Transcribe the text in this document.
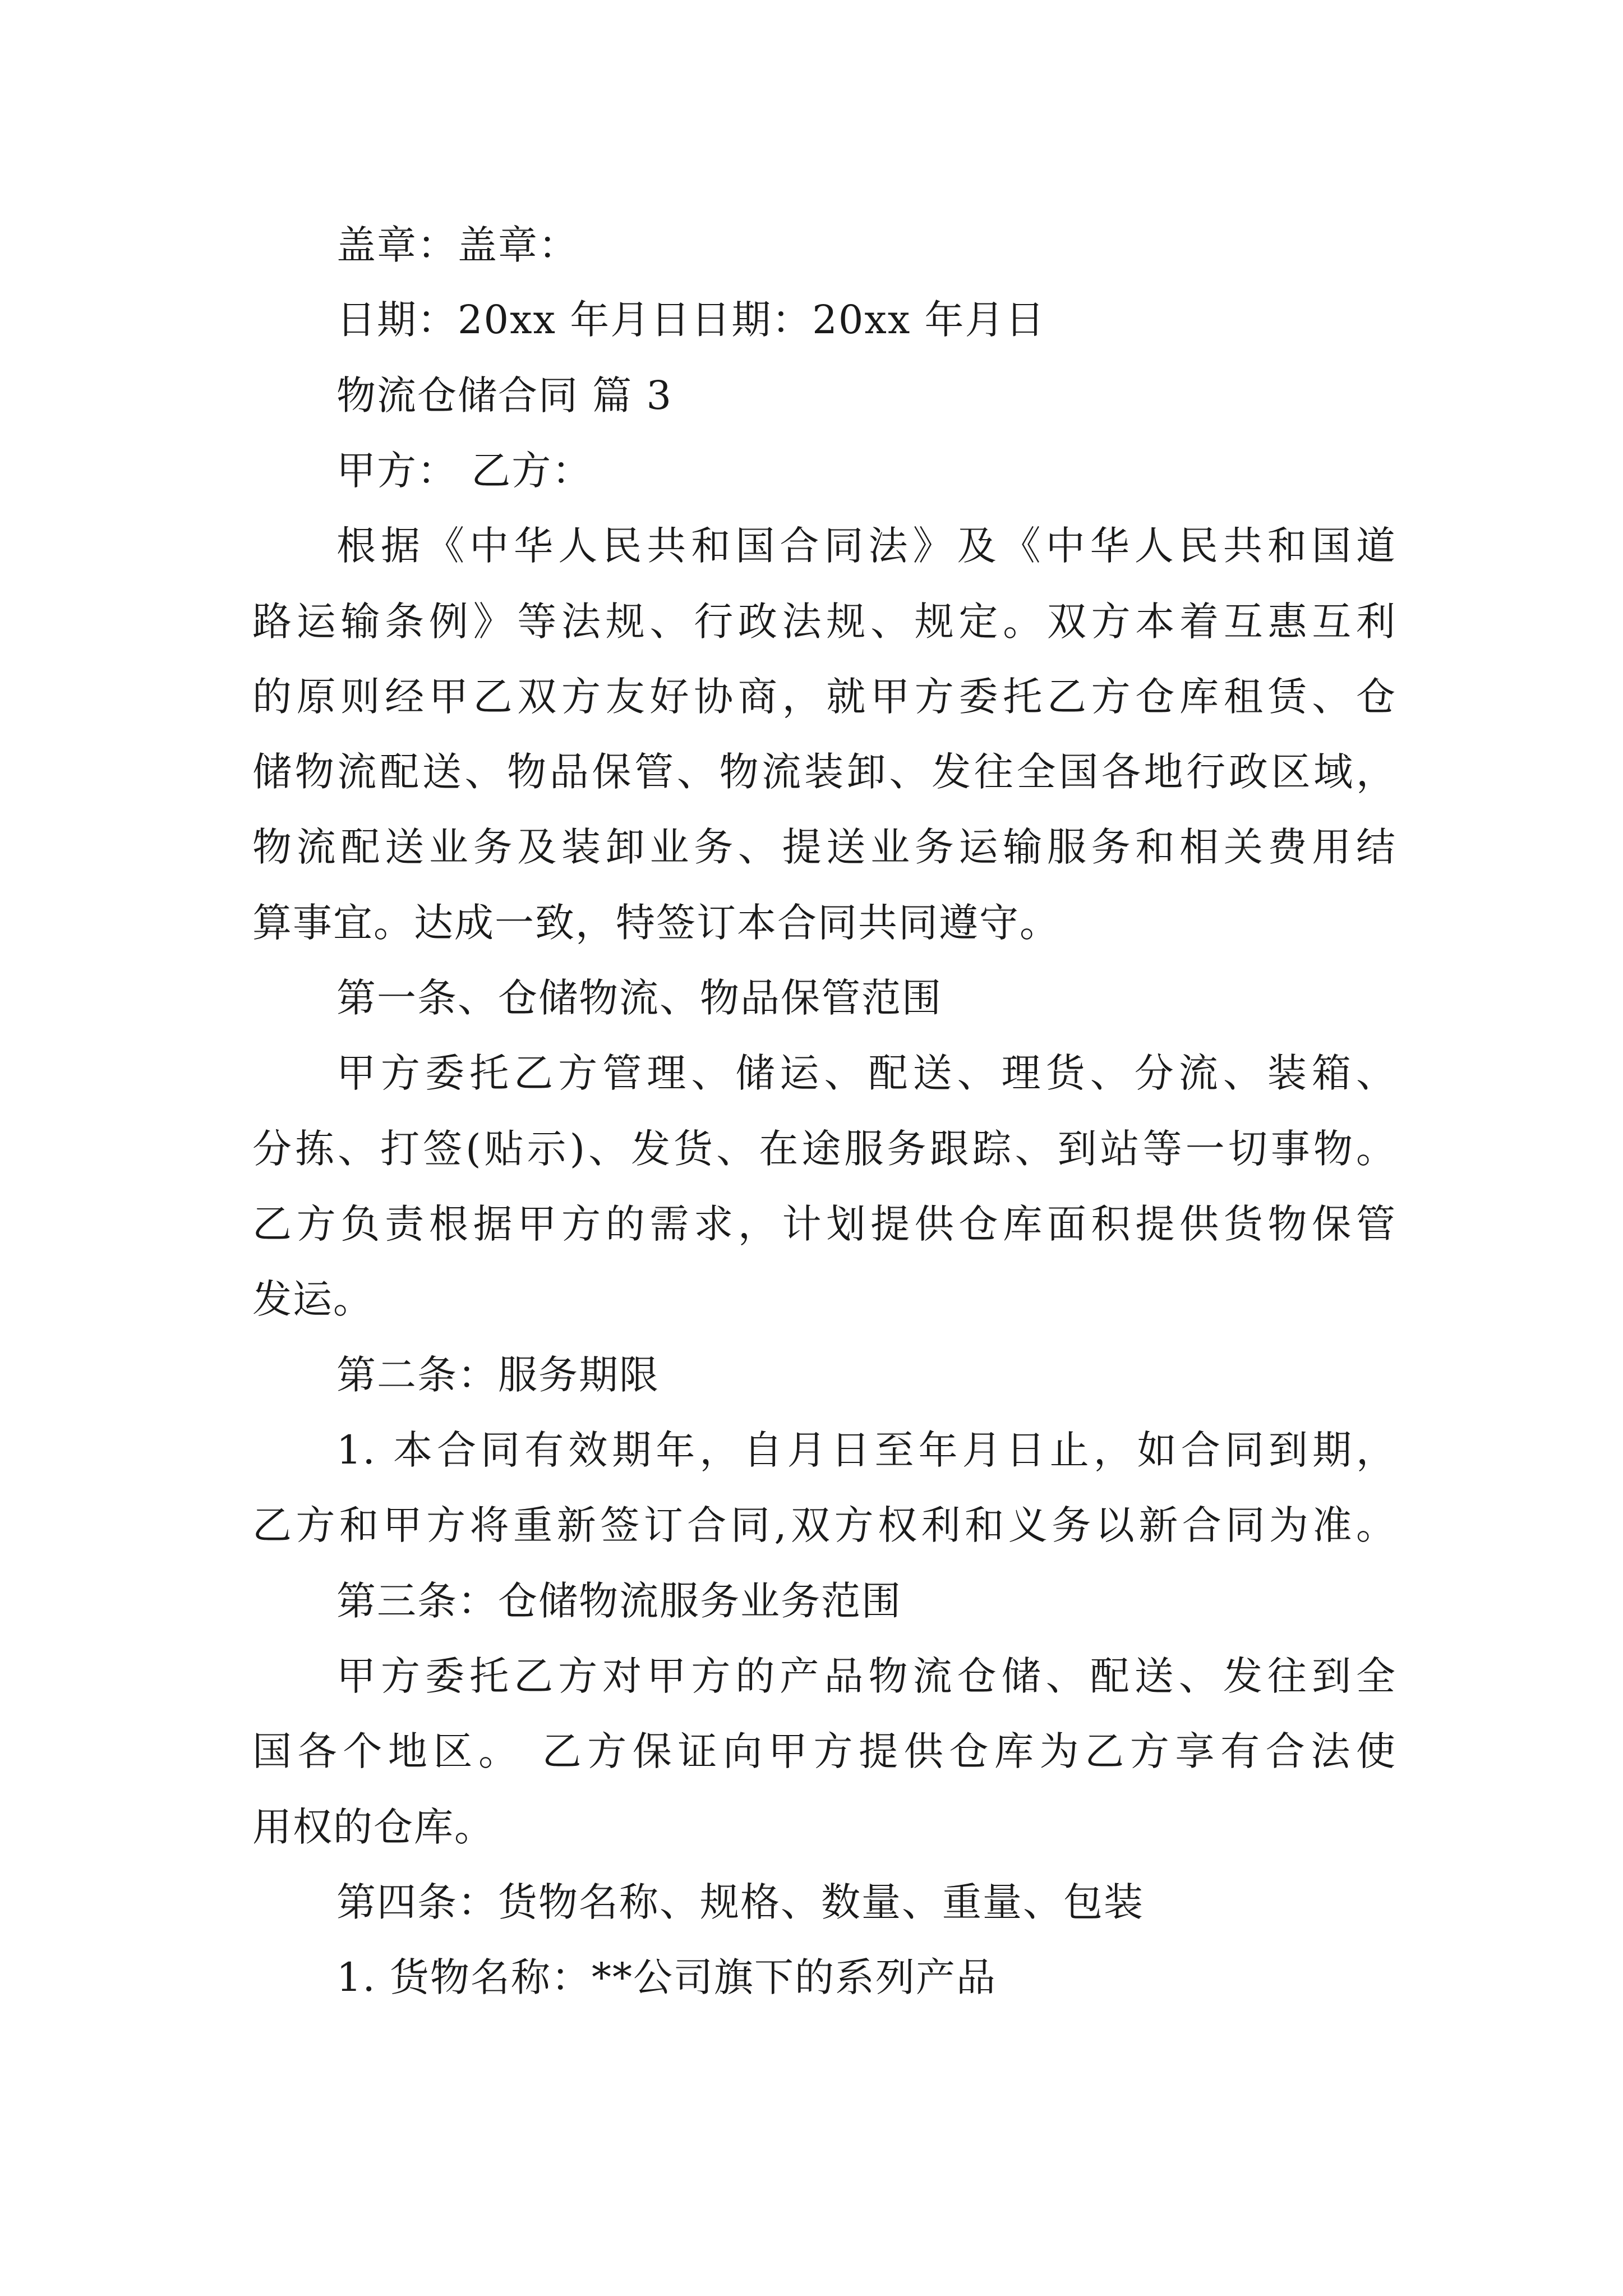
盖章：盖章：
日期：20xx 年月日日期：20xx 年月日
物流仓储合同 篇 3
甲方： 乙方：
根据《中华人民共和国合同法》及《中华人民共和国道
路运输条例》等法规、行政法规、规定。双方本着互惠互利
的原则经甲乙双方友好协商，就甲方委托乙方仓库租赁、仓
储物流配送、物品保管、物流装卸、发往全国各地行政区域，
物流配送业务及装卸业务、提送业务运输服务和相关费用结
算事宜。达成一致，特签订本合同共同遵守。
第一条、仓储物流、物品保管范围
甲方委托乙方管理、储运、配送、理货、分流、装箱、
分拣、打签(贴示)、发货、在途服务跟踪、到站等一切事物。
乙方负责根据甲方的需求，计划提供仓库面积提供货物保管
发运。
第二条：服务期限
1. 本合同有效期年，自月日至年月日止，如合同到期，
乙方和甲方将重新签订合同,双方权利和义务以新合同为准。
第三条：仓储物流服务业务范围
甲方委托乙方对甲方的产品物流仓储、配送、发往到全
国各个地区。 乙方保证向甲方提供仓库为乙方享有合法使
用权的仓库。
第四条：货物名称、规格、数量、重量、包装
1. 货物名称：**公司旗下的系列产品
